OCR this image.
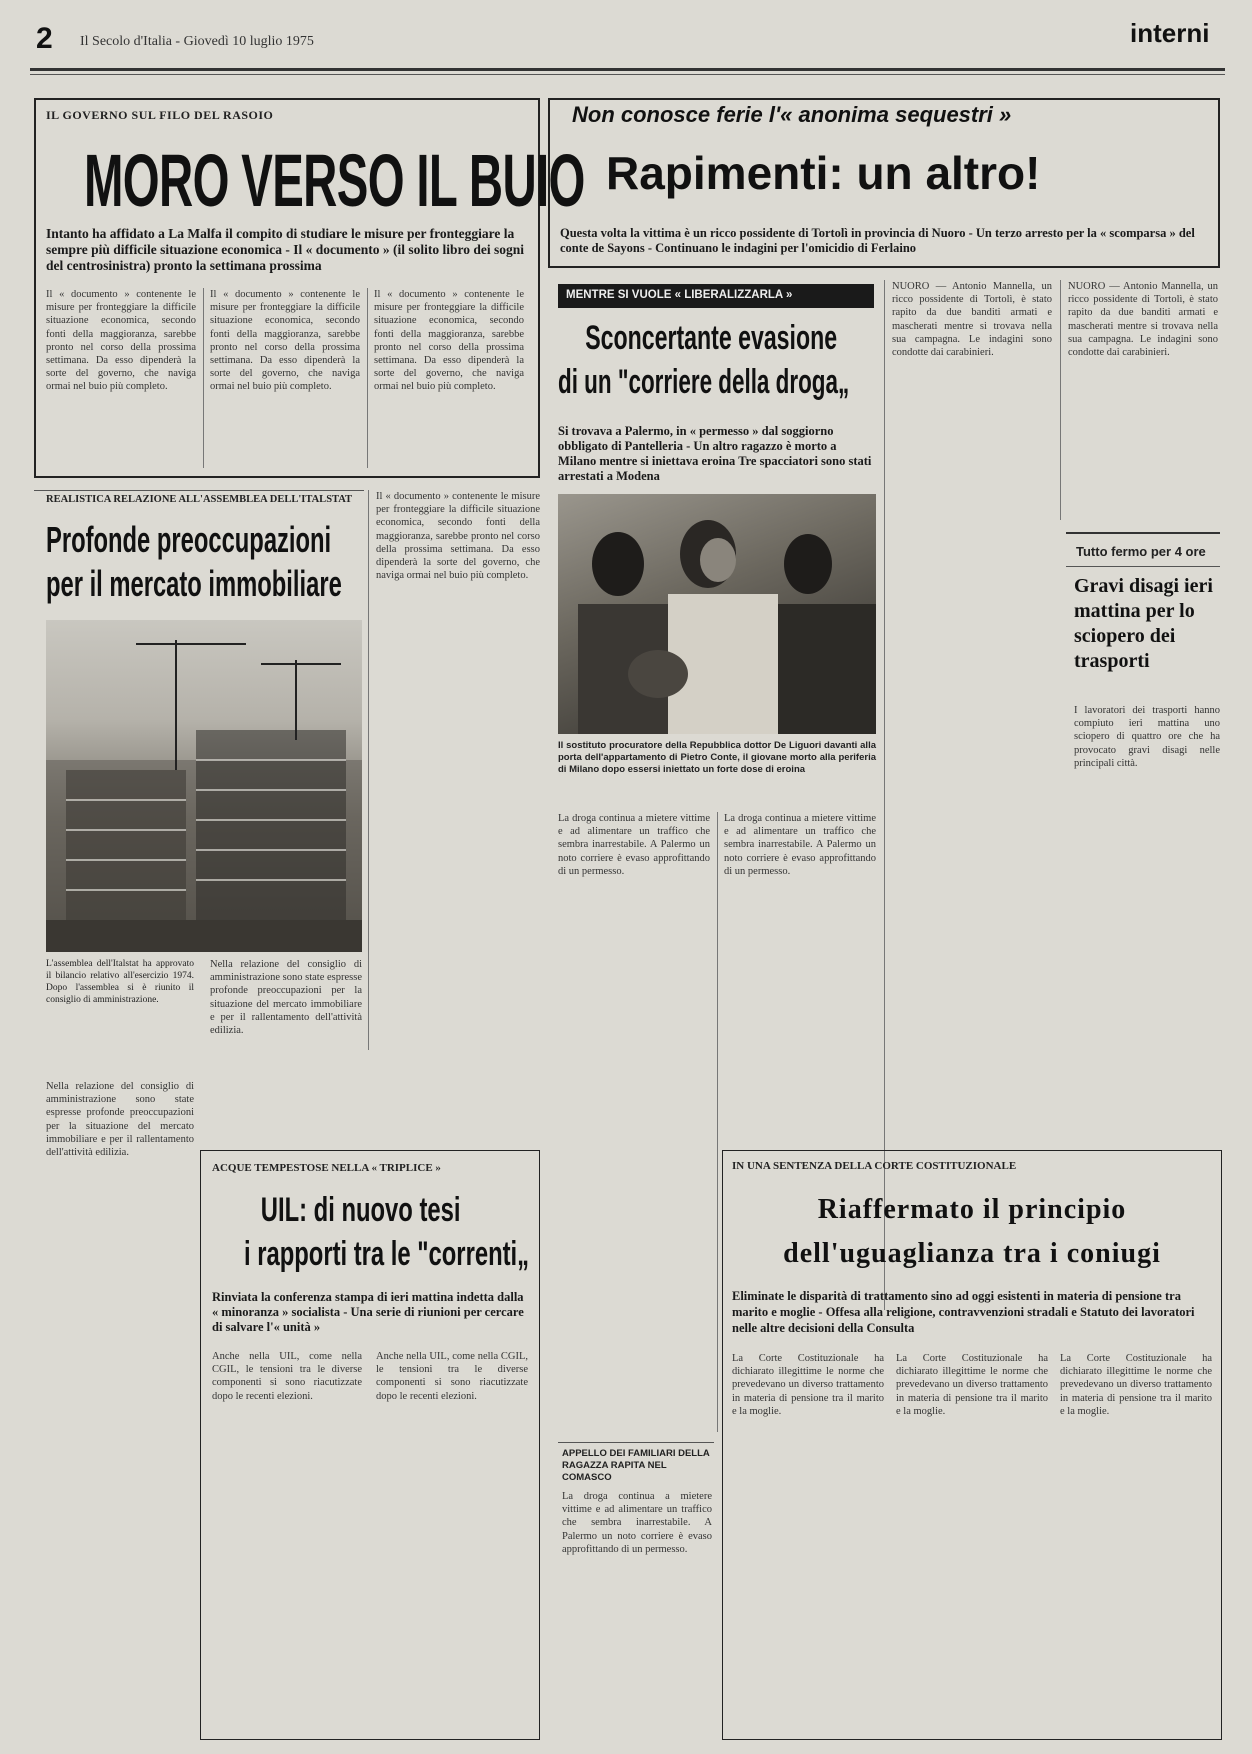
2 Il Secolo d'Italia - Giovedì 10 luglio 1975	interni
IL GOVERNO SUL FILO DEL RASOIO
MORO VERSO IL BUIO
Intanto ha affidato a La Malfa il compito di studiare le misure per fronteggiare la sempre più difficile situazione economica - Il « documento » (il solito libro dei sogni del centrosinistra) pronto la settimana prossima
Il « documento » contenente le misure per fronteggiare la difficile situazione economica, secondo fonti della maggioranza, sarebbe pronto nel corso della prossima settimana. Da esso dipenderà la sorte del governo, che naviga ormai nel buio più completo.
Il « documento » contenente le misure per fronteggiare la difficile situazione economica, secondo fonti della maggioranza, sarebbe pronto nel corso della prossima settimana. Da esso dipenderà la sorte del governo, che naviga ormai nel buio più completo.
Il « documento » contenente le misure per fronteggiare la difficile situazione economica, secondo fonti della maggioranza, sarebbe pronto nel corso della prossima settimana. Da esso dipenderà la sorte del governo, che naviga ormai nel buio più completo.
REALISTICA RELAZIONE ALL'ASSEMBLEA DELL'ITALSTAT
Profonde preoccupazioni
per il mercato immobiliare
L'assemblea dell'Italstat ha approvato il bilancio relativo all'esercizio 1974. Dopo l'assemblea si è riunito il consiglio di amministrazione.
Nella relazione del consiglio di amministrazione sono state espresse profonde preoccupazioni per la situazione del mercato immobiliare e per il rallentamento dell'attività edilizia.
Nella relazione del consiglio di amministrazione sono state espresse profonde preoccupazioni per la situazione del mercato immobiliare e per il rallentamento dell'attività edilizia.
Il « documento » contenente le misure per fronteggiare la difficile situazione economica, secondo fonti della maggioranza, sarebbe pronto nel corso della prossima settimana. Da esso dipenderà la sorte del governo, che naviga ormai nel buio più completo.
ACQUE TEMPESTOSE NELLA « TRIPLICE »
UIL: di nuovo tesi
i rapporti tra le "correnti„
Rinviata la conferenza stampa di ieri mattina indetta dalla « minoranza » socialista - Una serie di riunioni per cercare di salvare l'« unità »
Anche nella UIL, come nella CGIL, le tensioni tra le diverse componenti si sono riacutizzate dopo le recenti elezioni.
Anche nella UIL, come nella CGIL, le tensioni tra le diverse componenti si sono riacutizzate dopo le recenti elezioni.
Non conosce ferie l'« anonima sequestri »
Rapimenti: un altro!
Questa volta la vittima è un ricco possidente di Tortolì in provincia di Nuoro - Un terzo arresto per la « scomparsa » del conte de Sayons - Continuano le indagini per l'omicidio di Ferlaino
MENTRE SI VUOLE « LIBERALIZZARLA »
Sconcertante evasione
di un "corriere della droga„
Si trovava a Palermo, in « permesso » dal soggiorno obbligato di Pantelleria - Un altro ragazzo è morto a Milano mentre si iniettava eroina Tre spacciatori sono stati arrestati a Modena
Il sostituto procuratore della Repubblica dottor De Liguori davanti alla porta dell'appartamento di Pietro Conte, il giovane morto alla periferia di Milano dopo essersi iniettato un forte dose di eroina
La droga continua a mietere vittime e ad alimentare un traffico che sembra inarrestabile. A Palermo un noto corriere è evaso approfittando di un permesso.
La droga continua a mietere vittime e ad alimentare un traffico che sembra inarrestabile. A Palermo un noto corriere è evaso approfittando di un permesso.
NUORO — Antonio Mannella, un ricco possidente di Tortolì, è stato rapito da due banditi armati e mascherati mentre si trovava nella sua campagna. Le indagini sono condotte dai carabinieri.
NUORO — Antonio Mannella, un ricco possidente di Tortolì, è stato rapito da due banditi armati e mascherati mentre si trovava nella sua campagna. Le indagini sono condotte dai carabinieri.
Tutto fermo per 4 ore
Gravi disagi ieri mattina per lo sciopero dei trasporti
I lavoratori dei trasporti hanno compiuto ieri mattina uno sciopero di quattro ore che ha provocato gravi disagi nelle principali città.
IN UNA SENTENZA DELLA CORTE COSTITUZIONALE
Riaffermato il principio
dell'uguaglianza tra i coniugi
Eliminate le disparità di trattamento sino ad oggi esistenti in materia di pensione tra marito e moglie - Offesa alla religione, contravvenzioni stradali e Statuto dei lavoratori nelle altre decisioni della Consulta
La Corte Costituzionale ha dichiarato illegittime le norme che prevedevano un diverso trattamento in materia di pensione tra il marito e la moglie.
La Corte Costituzionale ha dichiarato illegittime le norme che prevedevano un diverso trattamento in materia di pensione tra il marito e la moglie.
La Corte Costituzionale ha dichiarato illegittime le norme che prevedevano un diverso trattamento in materia di pensione tra il marito e la moglie.
APPELLO DEI FAMILIARI DELLA RAGAZZA RAPITA NEL COMASCO
La droga continua a mietere vittime e ad alimentare un traffico che sembra inarrestabile. A Palermo un noto corriere è evaso approfittando di un permesso.
